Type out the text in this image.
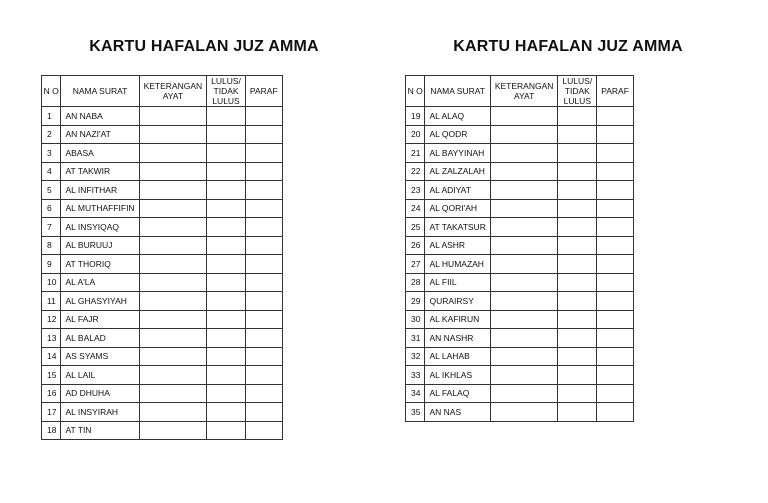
KARTU HAFALAN JUZ AMMA
N O	NAMA SURAT	KETERANGAN AYAT	LULUS/ TIDAK LULUS	PARAF
1	AN NABA			
2	AN NAZI'AT			
3	ABASA			
4	AT TAKWIR			
5	AL INFITHAR			
6	AL MUTHAFFIFIN			
7	AL INSYIQAQ			
8	AL BURUUJ			
9	AT THORIQ			
10	AL A'LA			
11	AL GHASYIYAH			
12	AL FAJR			
13	AL BALAD			
14	AS SYAMS			
15	AL LAIL			
16	AD DHUHA			
17	AL INSYIRAH			
18	AT TIN			
KARTU HAFALAN JUZ AMMA
N O	NAMA SURAT	KETERANGAN AYAT	LULUS/ TIDAK LULUS	PARAF
19	AL ALAQ			
20	AL QODR			
21	AL BAYYINAH			
22	AL ZALZALAH			
23	AL ADIYAT			
24	AL QORI'AH			
25	AT TAKATSUR			
26	AL ASHR			
27	AL HUMAZAH			
28	AL FIIL			
29	QURAIRSY			
30	AL KAFIRUN			
31	AN NASHR			
32	AL LAHAB			
33	AL IKHLAS			
34	AL FALAQ			
35	AN NAS			
